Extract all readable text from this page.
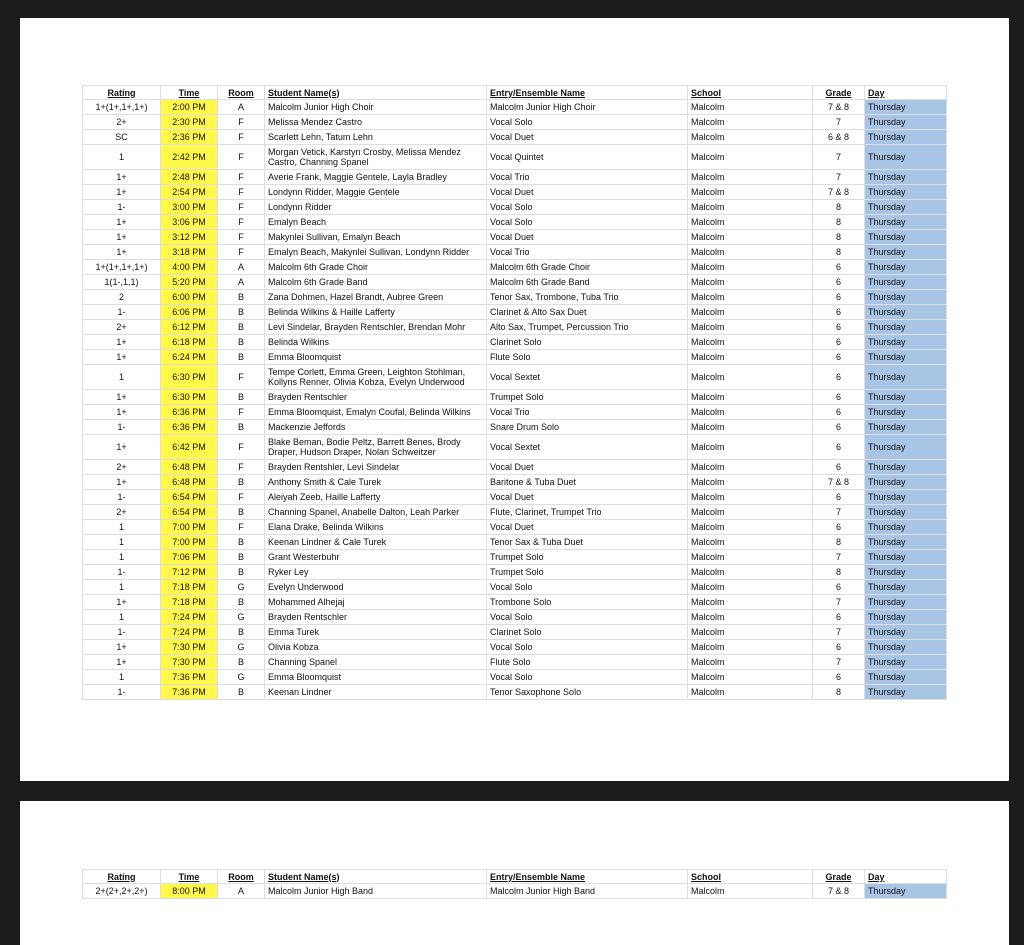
Rating	Time	Room	Student Name(s)	Entry/Ensemble Name	School	Grade	Day
1+(1+,1+,1+)	2:00 PM	A	Malcolm Junior High Choir	Malcolm Junior High Choir	Malcolm	7 & 8	Thursday
2+	2:30 PM	F	Melissa Mendez Castro	Vocal Solo	Malcolm	7	Thursday
SC	2:36 PM	F	Scarlett Lehn, Tatum Lehn	Vocal Duet	Malcolm	6 & 8	Thursday
1	2:42 PM	F	Morgan Vetick, Karstyn Crosby, Melissa Mendez Castro, Channing Spanel	Vocal Quintet	Malcolm	7	Thursday
1+	2:48 PM	F	Averie Frank, Maggie Gentele, Layla Bradley	Vocal Trio	Malcolm	7	Thursday
1+	2:54 PM	F	Londynn Ridder, Maggie Gentele	Vocal Duet	Malcolm	7 & 8	Thursday
1-	3:00 PM	F	Londynn Ridder	Vocal Solo	Malcolm	8	Thursday
1+	3:06 PM	F	Emalyn Beach	Vocal Solo	Malcolm	8	Thursday
1+	3:12 PM	F	Makynlei Sullivan, Emalyn Beach	Vocal Duet	Malcolm	8	Thursday
1+	3:18 PM	F	Emalyn Beach, Makynlei Sullivan, Londynn Ridder	Vocal Trio	Malcolm	8	Thursday
1+(1+,1+,1+)	4:00 PM	A	Malcolm 6th Grade Choir	Malcolm 6th Grade Choir	Malcolm	6	Thursday
1(1-,1,1)	5:20 PM	A	Malcolm 6th Grade Band	Malcolm 6th Grade Band	Malcolm	6	Thursday
2	6:00 PM	B	Zana Dohmen, Hazel Brandt, Aubree Green	Tenor Sax, Trombone, Tuba Trio	Malcolm	6	Thursday
1-	6:06 PM	B	Belinda Wilkins & Haille Lafferty	Clarinet & Alto Sax Duet	Malcolm	6	Thursday
2+	6:12 PM	B	Levi Sindelar, Brayden Rentschler, Brendan Mohr	Alto Sax, Trumpet, Percussion Trio	Malcolm	6	Thursday
1+	6:18 PM	B	Belinda Wilkins	Clarinet Solo	Malcolm	6	Thursday
1+	6:24 PM	B	Emma Bloomquist	Flute Solo	Malcolm	6	Thursday
1	6:30 PM	F	Tempe Corlett, Emma Green, Leighton Stohlman, Kollyns Renner, Olivia Kobza, Evelyn Underwood	Vocal Sextet	Malcolm	6	Thursday
1+	6:30 PM	B	Brayden Rentschler	Trumpet Solo	Malcolm	6	Thursday
1+	6:36 PM	F	Emma Bloomquist, Emalyn Coufal, Belinda Wilkins	Vocal Trio	Malcolm	6	Thursday
1-	6:36 PM	B	Mackenzie Jeffords	Snare Drum Solo	Malcolm	6	Thursday
1+	6:42 PM	F	Blake Beman, Bodie Peltz, Barrett Benes, Brody Draper, Hudson Draper, Nolan Schweitzer	Vocal Sextet	Malcolm	6	Thursday
2+	6:48 PM	F	Brayden Rentshler, Levi Sindelar	Vocal Duet	Malcolm	6	Thursday
1+	6:48 PM	B	Anthony Smith & Cale Turek	Baritone & Tuba Duet	Malcolm	7 & 8	Thursday
1-	6:54 PM	F	Aleiyah Zeeb, Haille Lafferty	Vocal Duet	Malcolm	6	Thursday
2+	6:54 PM	B	Channing Spanel, Anabelle Dalton, Leah Parker	Flute, Clarinet, Trumpet Trio	Malcolm	7	Thursday
1	7:00 PM	F	Elana Drake, Belinda Wilkins	Vocal Duet	Malcolm	6	Thursday
1	7:00 PM	B	Keenan Lindner & Cale Turek	Tenor Sax & Tuba Duet	Malcolm	8	Thursday
1	7:06 PM	B	Grant Westerbuhr	Trumpet Solo	Malcolm	7	Thursday
1-	7:12 PM	B	Ryker Ley	Trumpet Solo	Malcolm	8	Thursday
1	7:18 PM	G	Evelyn Underwood	Vocal Solo	Malcolm	6	Thursday
1+	7:18 PM	B	Mohammed Alhejaj	Trombone Solo	Malcolm	7	Thursday
1	7:24 PM	G	Brayden Rentschler	Vocal Solo	Malcolm	6	Thursday
1-	7:24 PM	B	Emma Turek	Clarinet Solo	Malcolm	7	Thursday
1+	7:30 PM	G	Olivia Kobza	Vocal Solo	Malcolm	6	Thursday
1+	7:30 PM	B	Channing Spanel	Flute Solo	Malcolm	7	Thursday
1	7:36 PM	G	Emma Bloomquist	Vocal Solo	Malcolm	6	Thursday
1-	7:36 PM	B	Keenan Lindner	Tenor Saxophone Solo	Malcolm	8	Thursday
Rating	Time	Room	Student Name(s)	Entry/Ensemble Name	School	Grade	Day
2+(2+,2+,2+)	8:00 PM	A	Malcolm Junior High Band	Malcolm Junior High Band	Malcolm	7 & 8	Thursday
